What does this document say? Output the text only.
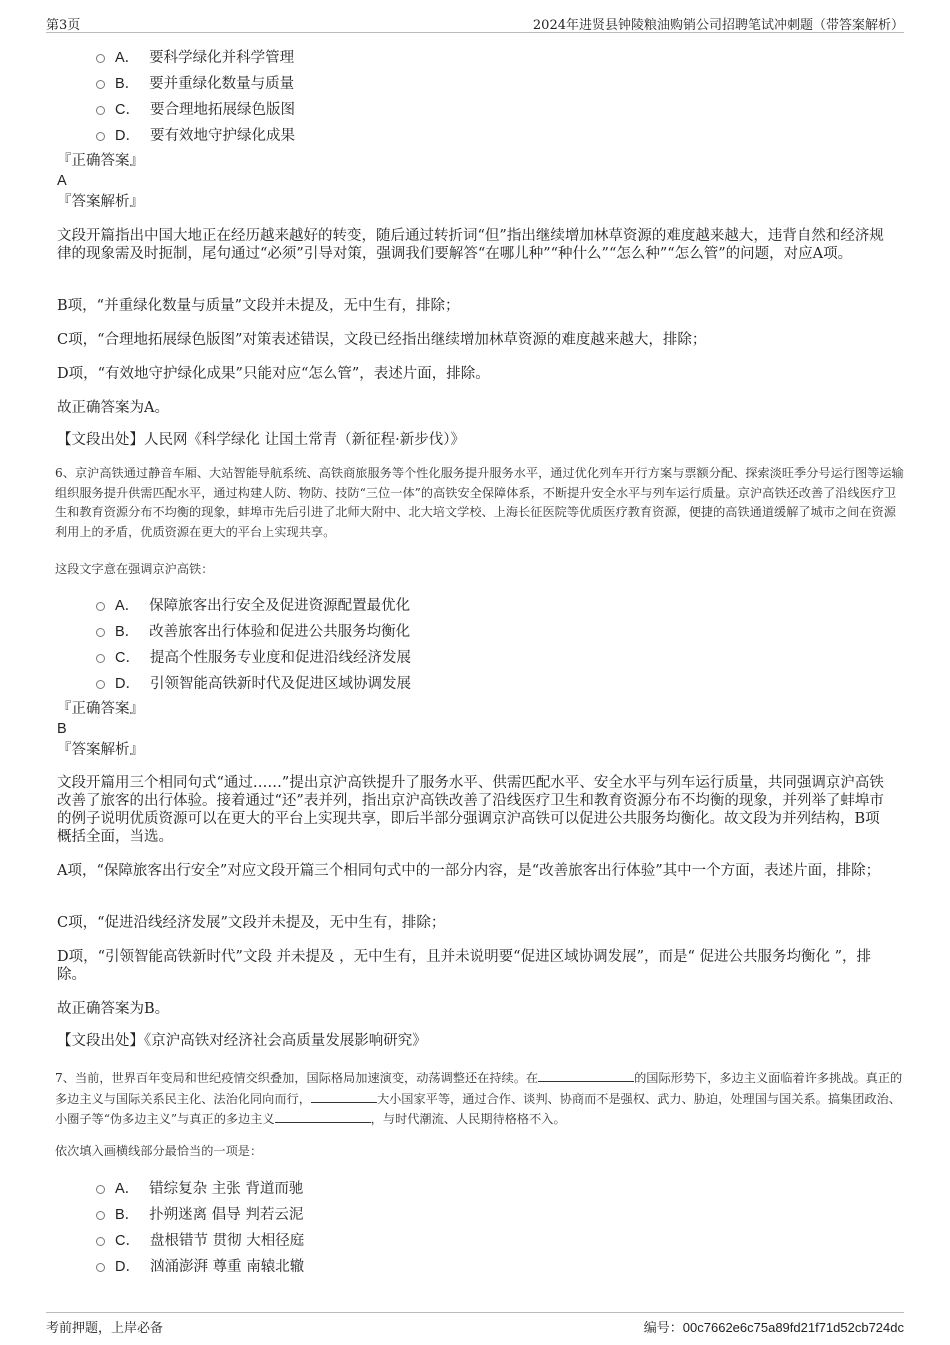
第3页	2024年进贤县钟陵粮油购销公司招聘笔试冲刺题（带答案解析）
A． 要科学绿化并科学管理
B． 要并重绿化数量与质量
C． 要合理地拓展绿色版图
D． 要有效地守护绿化成果
『正确答案』
A
『答案解析』
文段开篇指出中国大地正在经历越来越好的转变，随后通过转折词“但”指出继续增加林草资源的难度越来越大，违背自然和经济规律的现象需及时扼制，尾句通过“必须”引导对策，强调我们要解答“在哪儿种”“种什么”“怎么种”“怎么管”的问题，对应A项。
B项，“并重绿化数量与质量”文段并未提及，无中生有，排除；
C项，“合理地拓展绿色版图”对策表述错误，文段已经指出继续增加林草资源的难度越来越大，排除；
D项，“有效地守护绿化成果”只能对应“怎么管”，表述片面，排除。
故正确答案为A。
【文段出处】人民网《科学绿化 让国土常青（新征程·新步伐）》
6、京沪高铁通过静音车厢、大站智能导航系统、高铁商旅服务等个性化服务提升服务水平，通过优化列车开行方案与票额分配、探索淡旺季分号运行图等运输组织服务提升供需匹配水平，通过构建人防、物防、技防“三位一体”的高铁安全保障体系，不断提升安全水平与列车运行质量。京沪高铁还改善了沿线医疗卫生和教育资源分布不均衡的现象，蚌埠市先后引进了北师大附中、北大培文学校、上海长征医院等优质医疗教育资源，便捷的高铁通道缓解了城市之间在资源利用上的矛盾，优质资源在更大的平台上实现共享。
这段文字意在强调京沪高铁：
A． 保障旅客出行安全及促进资源配置最优化
B． 改善旅客出行体验和促进公共服务均衡化
C． 提高个性服务专业度和促进沿线经济发展
D． 引领智能高铁新时代及促进区域协调发展
『正确答案』
B
『答案解析』
文段开篇用三个相同句式“通过……”提出京沪高铁提升了服务水平、供需匹配水平、安全水平与列车运行质量，共同强调京沪高铁改善了旅客的出行体验。接着通过“还”表并列，指出京沪高铁改善了沿线医疗卫生和教育资源分布不均衡的现象，并列举了蚌埠市的例子说明优质资源可以在更大的平台上实现共享，即后半部分强调京沪高铁可以促进公共服务均衡化。故文段为并列结构，B项概括全面，当选。
A项，“保障旅客出行安全”对应文段开篇三个相同句式中的一部分内容，是“改善旅客出行体验”其中一个方面，表述片面，排除；
C项，“促进沿线经济发展”文段并未提及，无中生有，排除；
D项，“引领智能高铁新时代”文段 并未提及 ，无中生有，且并未说明要“促进区域协调发展”，而是“ 促进公共服务均衡化 ”，排除。
故正确答案为B。
【文段出处】《京沪高铁对经济社会高质量发展影响研究》
7、当前，世界百年变局和世纪疫情交织叠加，国际格局加速演变，动荡调整还在持续。在	的国际形势下，多边主义面临着许多挑战。真正的多边主义与国际关系民主化、法治化同向而行，	大小国家平等，通过合作、谈判、协商而不是强权、武力、胁迫，处理国与国关系。搞集团政治、小圈子等“伪多边主义”与真正的多边主义	，与时代潮流、人民期待格格不入。
依次填入画横线部分最恰当的一项是：
A． 错综复杂 主张 背道而驰
B． 扑朔迷离 倡导 判若云泥
C． 盘根错节 贯彻 大相径庭
D． 汹涌澎湃 尊重 南辕北辙
考前押题，上岸必备	编号：00c7662e6c75a89fd21f71d52cb724dc
